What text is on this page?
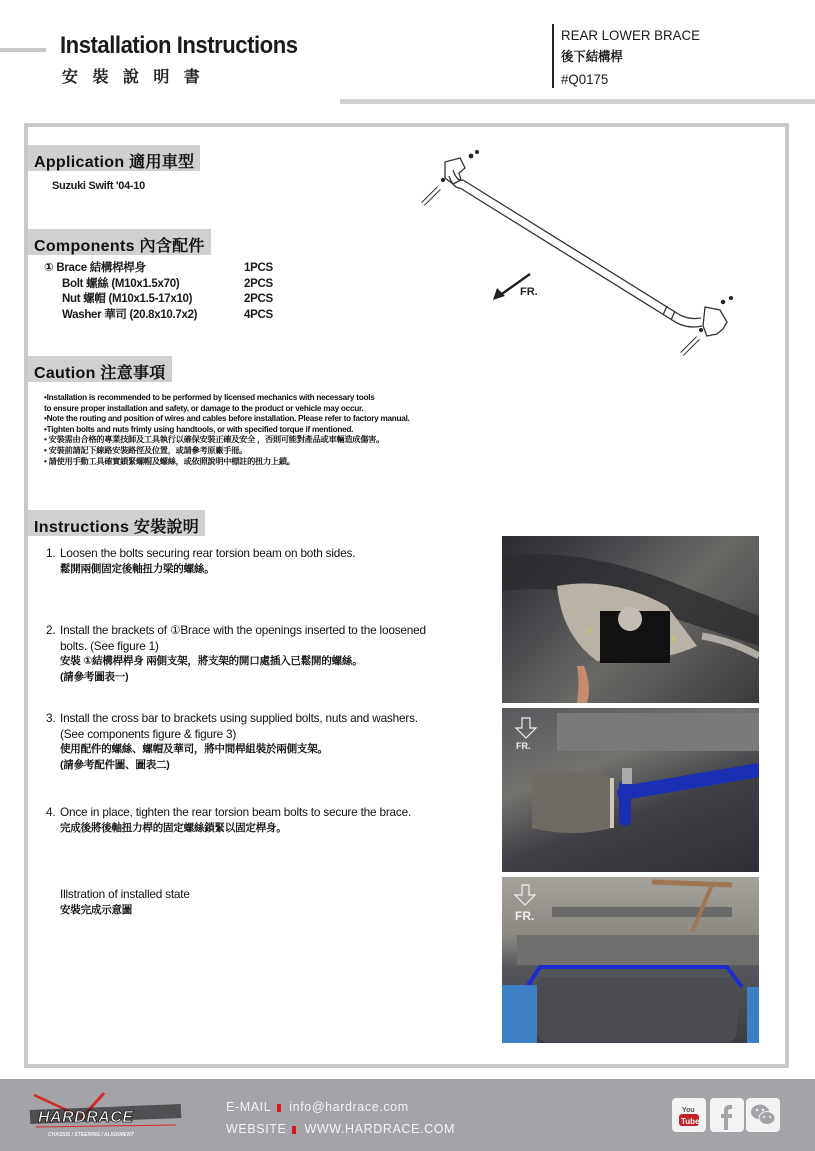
Installation Instructions
安 裝 說 明 書
REAR LOWER BRACE
後下結構桿
#Q0175
Application 適用車型
Suzuki Swift '04-10
Components 內含配件
① Brace 結構桿桿身	1PCS
Bolt 螺絲 (M10x1.5x70)	2PCS
Nut 螺帽 (M10x1.5-17x10)	2PCS
Washer 華司 (20.8x10.7x2)	4PCS
FR.
Caution 注意事項
•Installation is recommended to be performed by licensed mechanics with necessary tools
to ensure proper installation and safety, or damage to the product or vehicle may occur.
•Note the routing and position of wires and cables before installation. Please refer to factory manual.
•Tighten bolts and nuts frimly using handtools, or with specified torque if mentioned.
• 安裝需由合格的專業技師及工具執行以確保安裝正確及安全 ，否則可能對產品或車輛造成傷害。
• 安裝前請記下線路安裝路徑及位置，或請參考原廠手冊。
• 請使用手動工具確實鎖緊螺帽及螺絲，或依照說明中標註的扭力上鎖。
Instructions 安裝說明
1. Loosen the bolts securing rear torsion beam on both sides.
鬆開兩側固定後軸扭力梁的螺絲。
2. Install the brackets of ①Brace with the openings inserted to the loosened
bolts. (See figure 1)
安裝 ①結構桿桿身 兩側支架，將支架的開口處插入已鬆開的螺絲。
(請參考圖表一)
3. Install the cross bar to brackets using supplied bolts, nuts and washers.
(See components figure & figure 3)
使用配件的螺絲、螺帽及華司，將中間桿組裝於兩側支架。
(請參考配件圖、圖表二)
4. Once in place, tighten the rear torsion beam bolts to secure the brace.
完成後將後軸扭力桿的固定螺絲鎖緊以固定桿身。
Illstration of installed state
安裝完成示意圖
↑	↑
FR.
FR.
HARDRACE
CHASSIS / STEERING / ALIGNMENT
E-MAIL info@hardrace.com
WEBSITE WWW.HARDRACE.COM
You
Tube
